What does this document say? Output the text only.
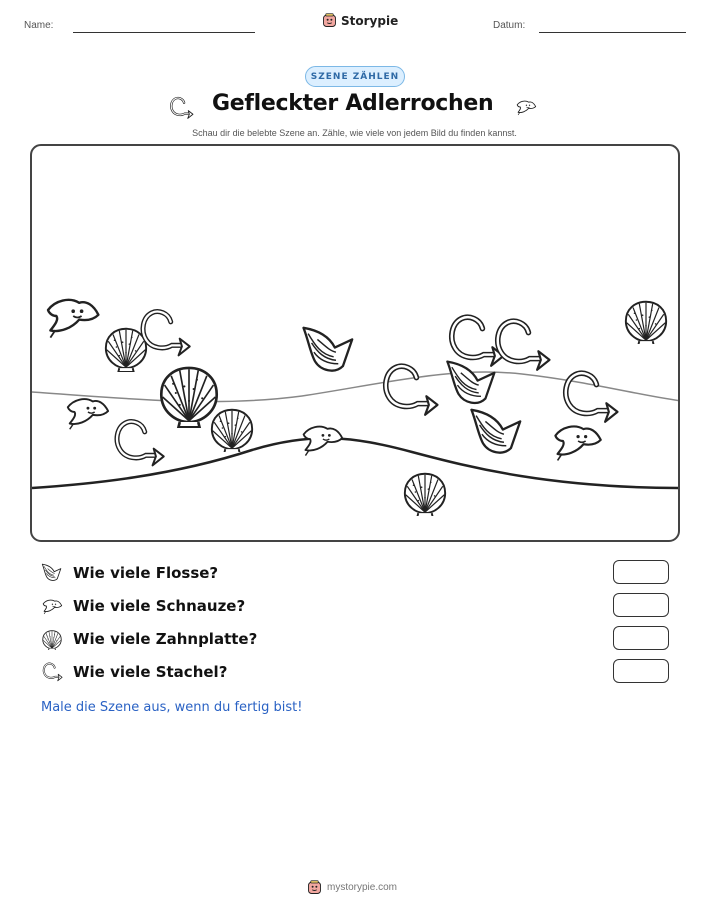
Name:	Storypie	Datum:
SZENE ZÄHLEN
Gefleckter Adlerrochen
Schau dir die belebte Szene an. Zähle, wie viele von jedem Bild du finden kannst.
Wie viele Flosse?
Wie viele Schnauze?
Wie viele Zahnplatte?
Wie viele Stachel?
Male die Szene aus, wenn du fertig bist!
mystorypie.com
